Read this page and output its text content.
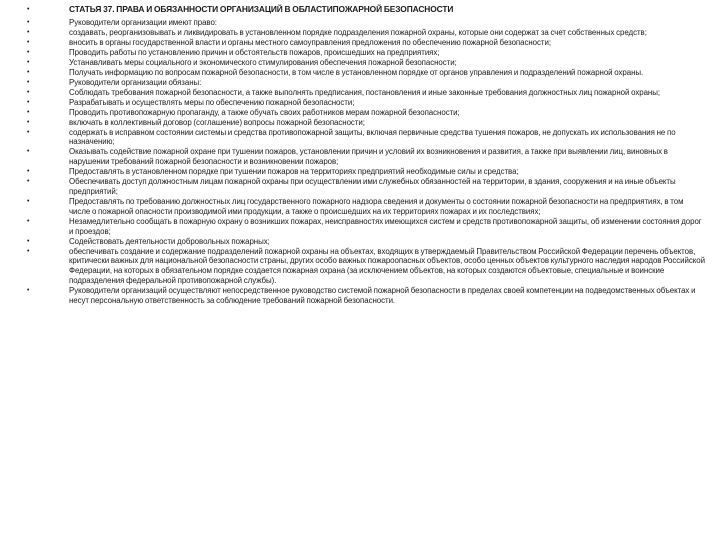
•	СТАТЬЯ 37. ПРАВА И ОБЯЗАННОСТИ ОРГАНИЗАЦИЙ В ОБЛАСТИПОЖАРНОЙ БЕЗОПАСНОСТИ
•	Руководители организации имеют право:
•	создавать, реорганизовывать и ликвидировать в установленном порядке подразделения пожарной охраны, которые они содержат за счет собственных средств;
•	вносить в органы государственной власти и органы местного самоуправления предложения по обеспечению пожарной безопасности;
•	Проводить работы по установлению причин и обстоятельств пожаров, происшедших на предприятиях;
•	Устанавливать меры социального и экономического стимулирования обеспечения пожарной безопасности;
•	Получать информацию по вопросам пожарной безопасности, в том числе в установленном порядке от органов управления и подразделений пожарной охраны.
•	Руководители организации обязаны:
•	Соблюдать требования пожарной безопасности, а также выполнять предписания, постановления и иные законные требования должностных лиц пожарной охраны;
•	Разрабатывать и осуществлять меры по обеспечению пожарной безопасности;
•	Проводить противопожарную пропаганду, а также обучать своих работников мерам пожарной безопасности;
•	включать в коллективный договор (соглашение) вопросы пожарной безопасности;
•	содержать в исправном состоянии системы и средства противопожарной защиты, включая первичные средства тушения пожаров, не допускать их использования не по назначению;
•	Оказывать содействие пожарной охране при тушении пожаров, установлении причин и условий их возникновения и развития, а также при выявлении лиц, виновных в нарушении требований пожарной безопасности и возникновении пожаров;
•	Предоставлять в установленном порядке при тушении пожаров на территориях предприятий необходимые силы и средства;
•	Обеспечивать доступ должностным лицам пожарной охраны при осуществлении ими служебных обязанностей на территории, в здания, сооружения и на иные объекты предприятий;
•	Предоставлять по требованию должностных лиц государственного пожарного надзора сведения и документы о состоянии пожарной безопасности на предприятиях, в том числе о пожарной опасности производимой ими продукции, а также о происшедших на их территориях пожарах и их последствиях;
•	Незамедлительно сообщать в пожарную охрану о возникших пожарах, неисправностях имеющихся систем и средств противопожарной защиты, об изменении состояния дорог и проездов;
•	Содействовать деятельности добровольных пожарных;
•	обеспечивать создание и содержание подразделений пожарной охраны на объектах, входящих в утверждаемый Правительством Российской Федерации перечень объектов, критически важных для национальной безопасности страны, других особо важных пожароопасных объектов, особо ценных объектов культурного наследия народов Российской Федерации, на которых в обязательном порядке создается пожарная охрана (за исключением объектов, на которых создаются объектовые, специальные и воинские подразделения федеральной противопожарной службы).
•	Руководители организаций осуществляют непосредственное руководство системой пожарной безопасности в пределах своей компетенции на подведомственных объектах и несут персональную ответственность за соблюдение требований пожарной безопасности.
